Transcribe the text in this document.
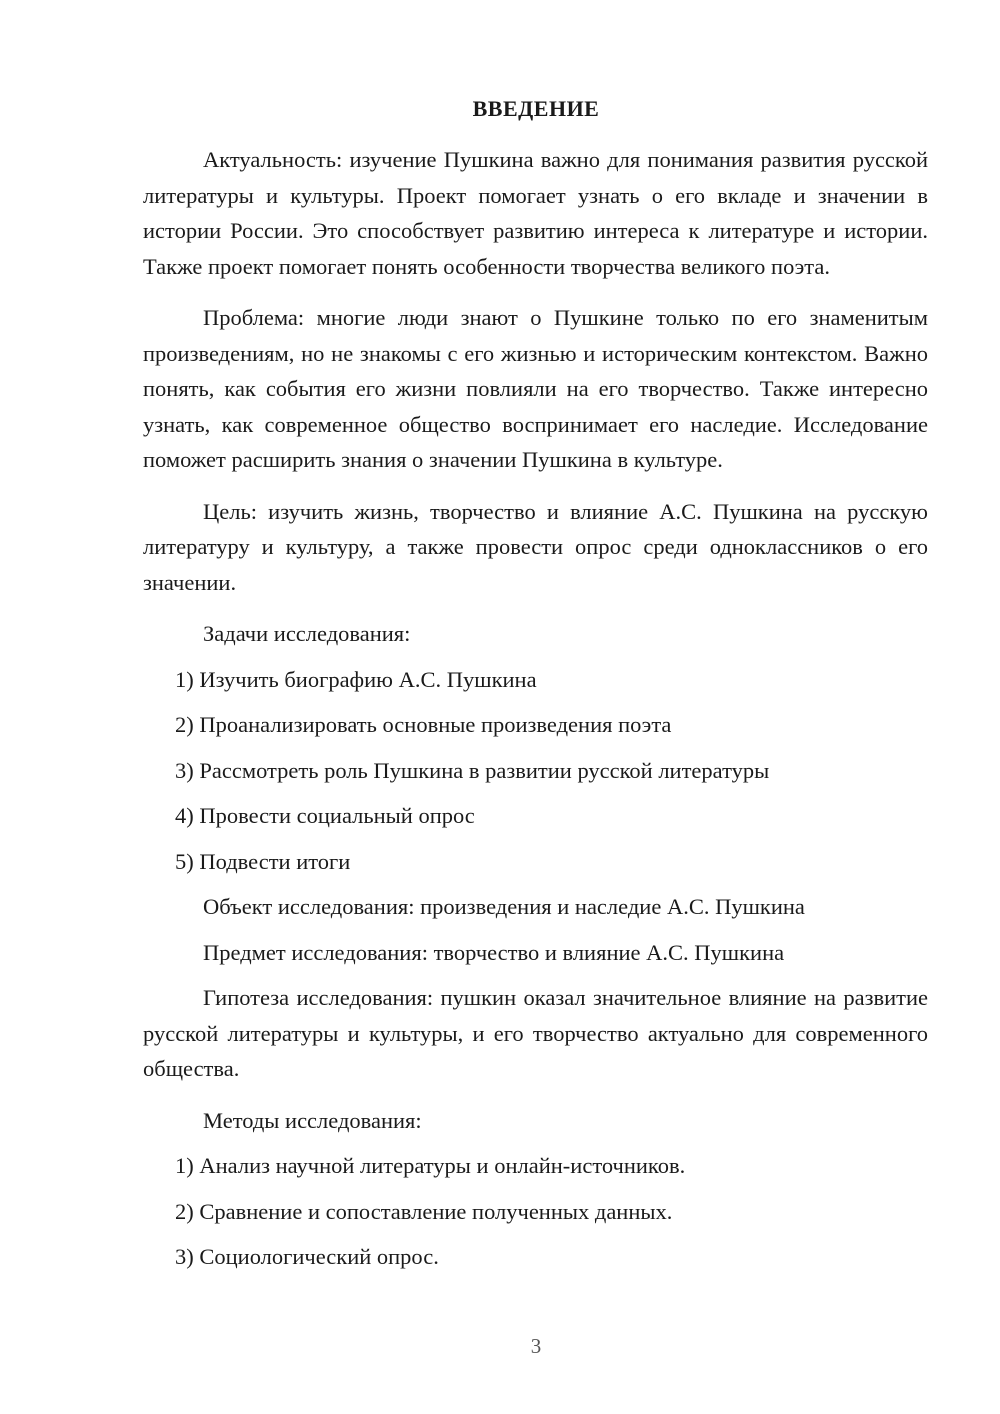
ВВЕДЕНИЕ

Актуальность: изучение Пушкина важно для понимания развития русской литературы и культуры. Проект помогает узнать о его вкладе и значении в истории России. Это способствует развитию интереса к литературе и истории. Также проект помогает понять особенности творчества великого поэта.

Проблема: многие люди знают о Пушкине только по его знаменитым произведениям, но не знакомы с его жизнью и историческим контекстом. Важно понять, как события его жизни повлияли на его творчество. Также интересно узнать, как современное общество воспринимает его наследие. Исследование поможет расширить знания о значении Пушкина в культуре.

Цель: изучить жизнь, творчество и влияние А.С. Пушкина на русскую литературу и культуру, а также провести опрос среди одноклассников о его значении.

Задачи исследования:
1) Изучить биографию А.С. Пушкина
2) Проанализировать основные произведения поэта
3) Рассмотреть роль Пушкина в развитии русской литературы
4) Провести социальный опрос
5) Подвести итоги
Объект исследования: произведения и наследие А.С. Пушкина
Предмет исследования: творчество и влияние А.С. Пушкина

Гипотеза исследования: пушкин оказал значительное влияние на развитие русской литературы и культуры, и его творчество актуально для современного общества.

Методы исследования:
1) Анализ научной литературы и онлайн-источников.
2) Сравнение и сопоставление полученных данных.
3) Социологический опрос.
3
